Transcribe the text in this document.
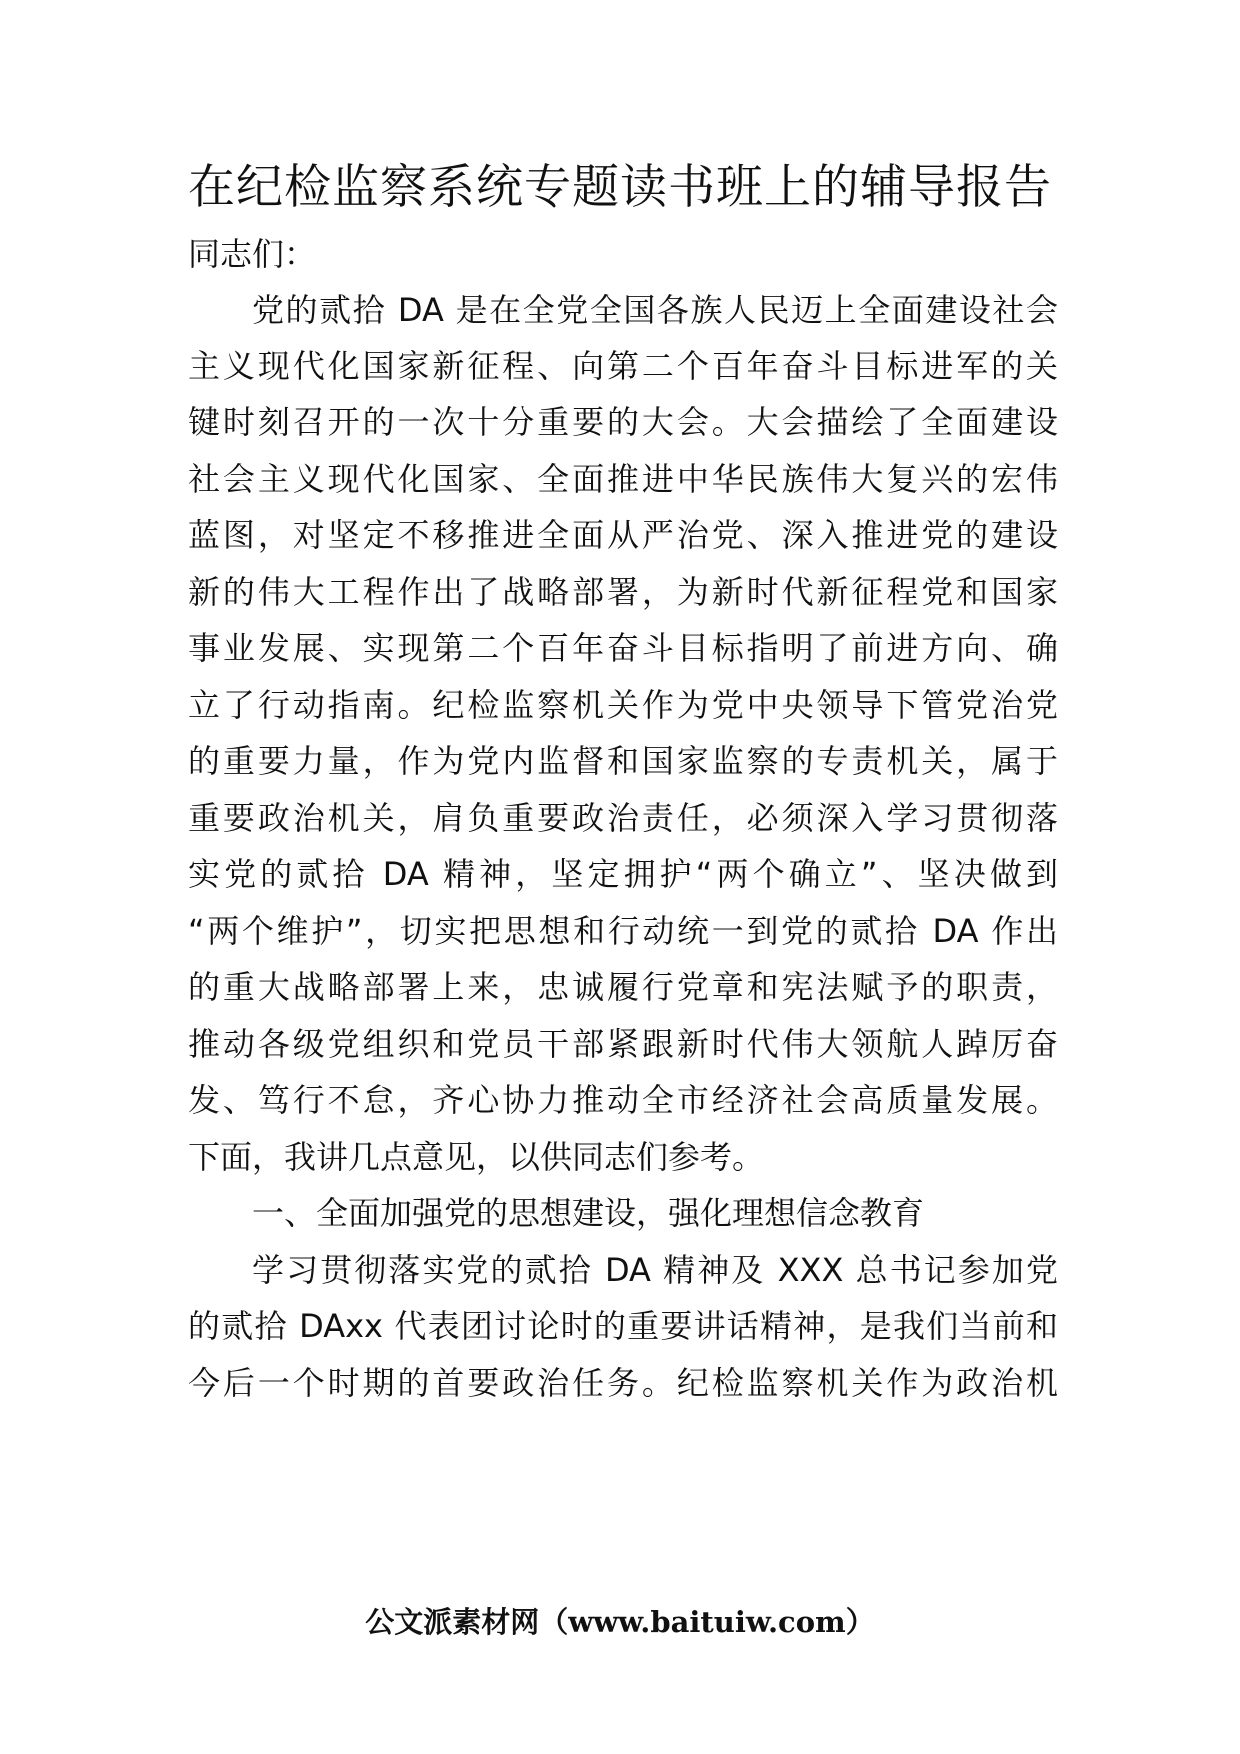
在纪检监察系统专题读书班上的辅导报告
同志们：
党的贰拾 DA 是在全党全国各族人民迈上全面建设社会
主义现代化国家新征程、向第二个百年奋斗目标进军的关
键时刻召开的一次十分重要的大会。大会描绘了全面建设
社会主义现代化国家、全面推进中华民族伟大复兴的宏伟
蓝图，对坚定不移推进全面从严治党、深入推进党的建设
新的伟大工程作出了战略部署，为新时代新征程党和国家
事业发展、实现第二个百年奋斗目标指明了前进方向、确
立了行动指南。纪检监察机关作为党中央领导下管党治党
的重要力量，作为党内监督和国家监察的专责机关，属于
重要政治机关，肩负重要政治责任，必须深入学习贯彻落
实党的贰拾 DA 精神，坚定拥护“两个确立”、坚决做到
“两个维护”，切实把思想和行动统一到党的贰拾 DA 作出
的重大战略部署上来，忠诚履行党章和宪法赋予的职责，
推动各级党组织和党员干部紧跟新时代伟大领航人踔厉奋
发、笃行不怠，齐心协力推动全市经济社会高质量发展。
下面，我讲几点意见，以供同志们参考。
一、全面加强党的思想建设，强化理想信念教育
学习贯彻落实党的贰拾 DA 精神及 XXX 总书记参加党
的贰拾 DAxx 代表团讨论时的重要讲话精神，是我们当前和
今后一个时期的首要政治任务。纪检监察机关作为政治机
公文派素材网（www.baituiw.com）
